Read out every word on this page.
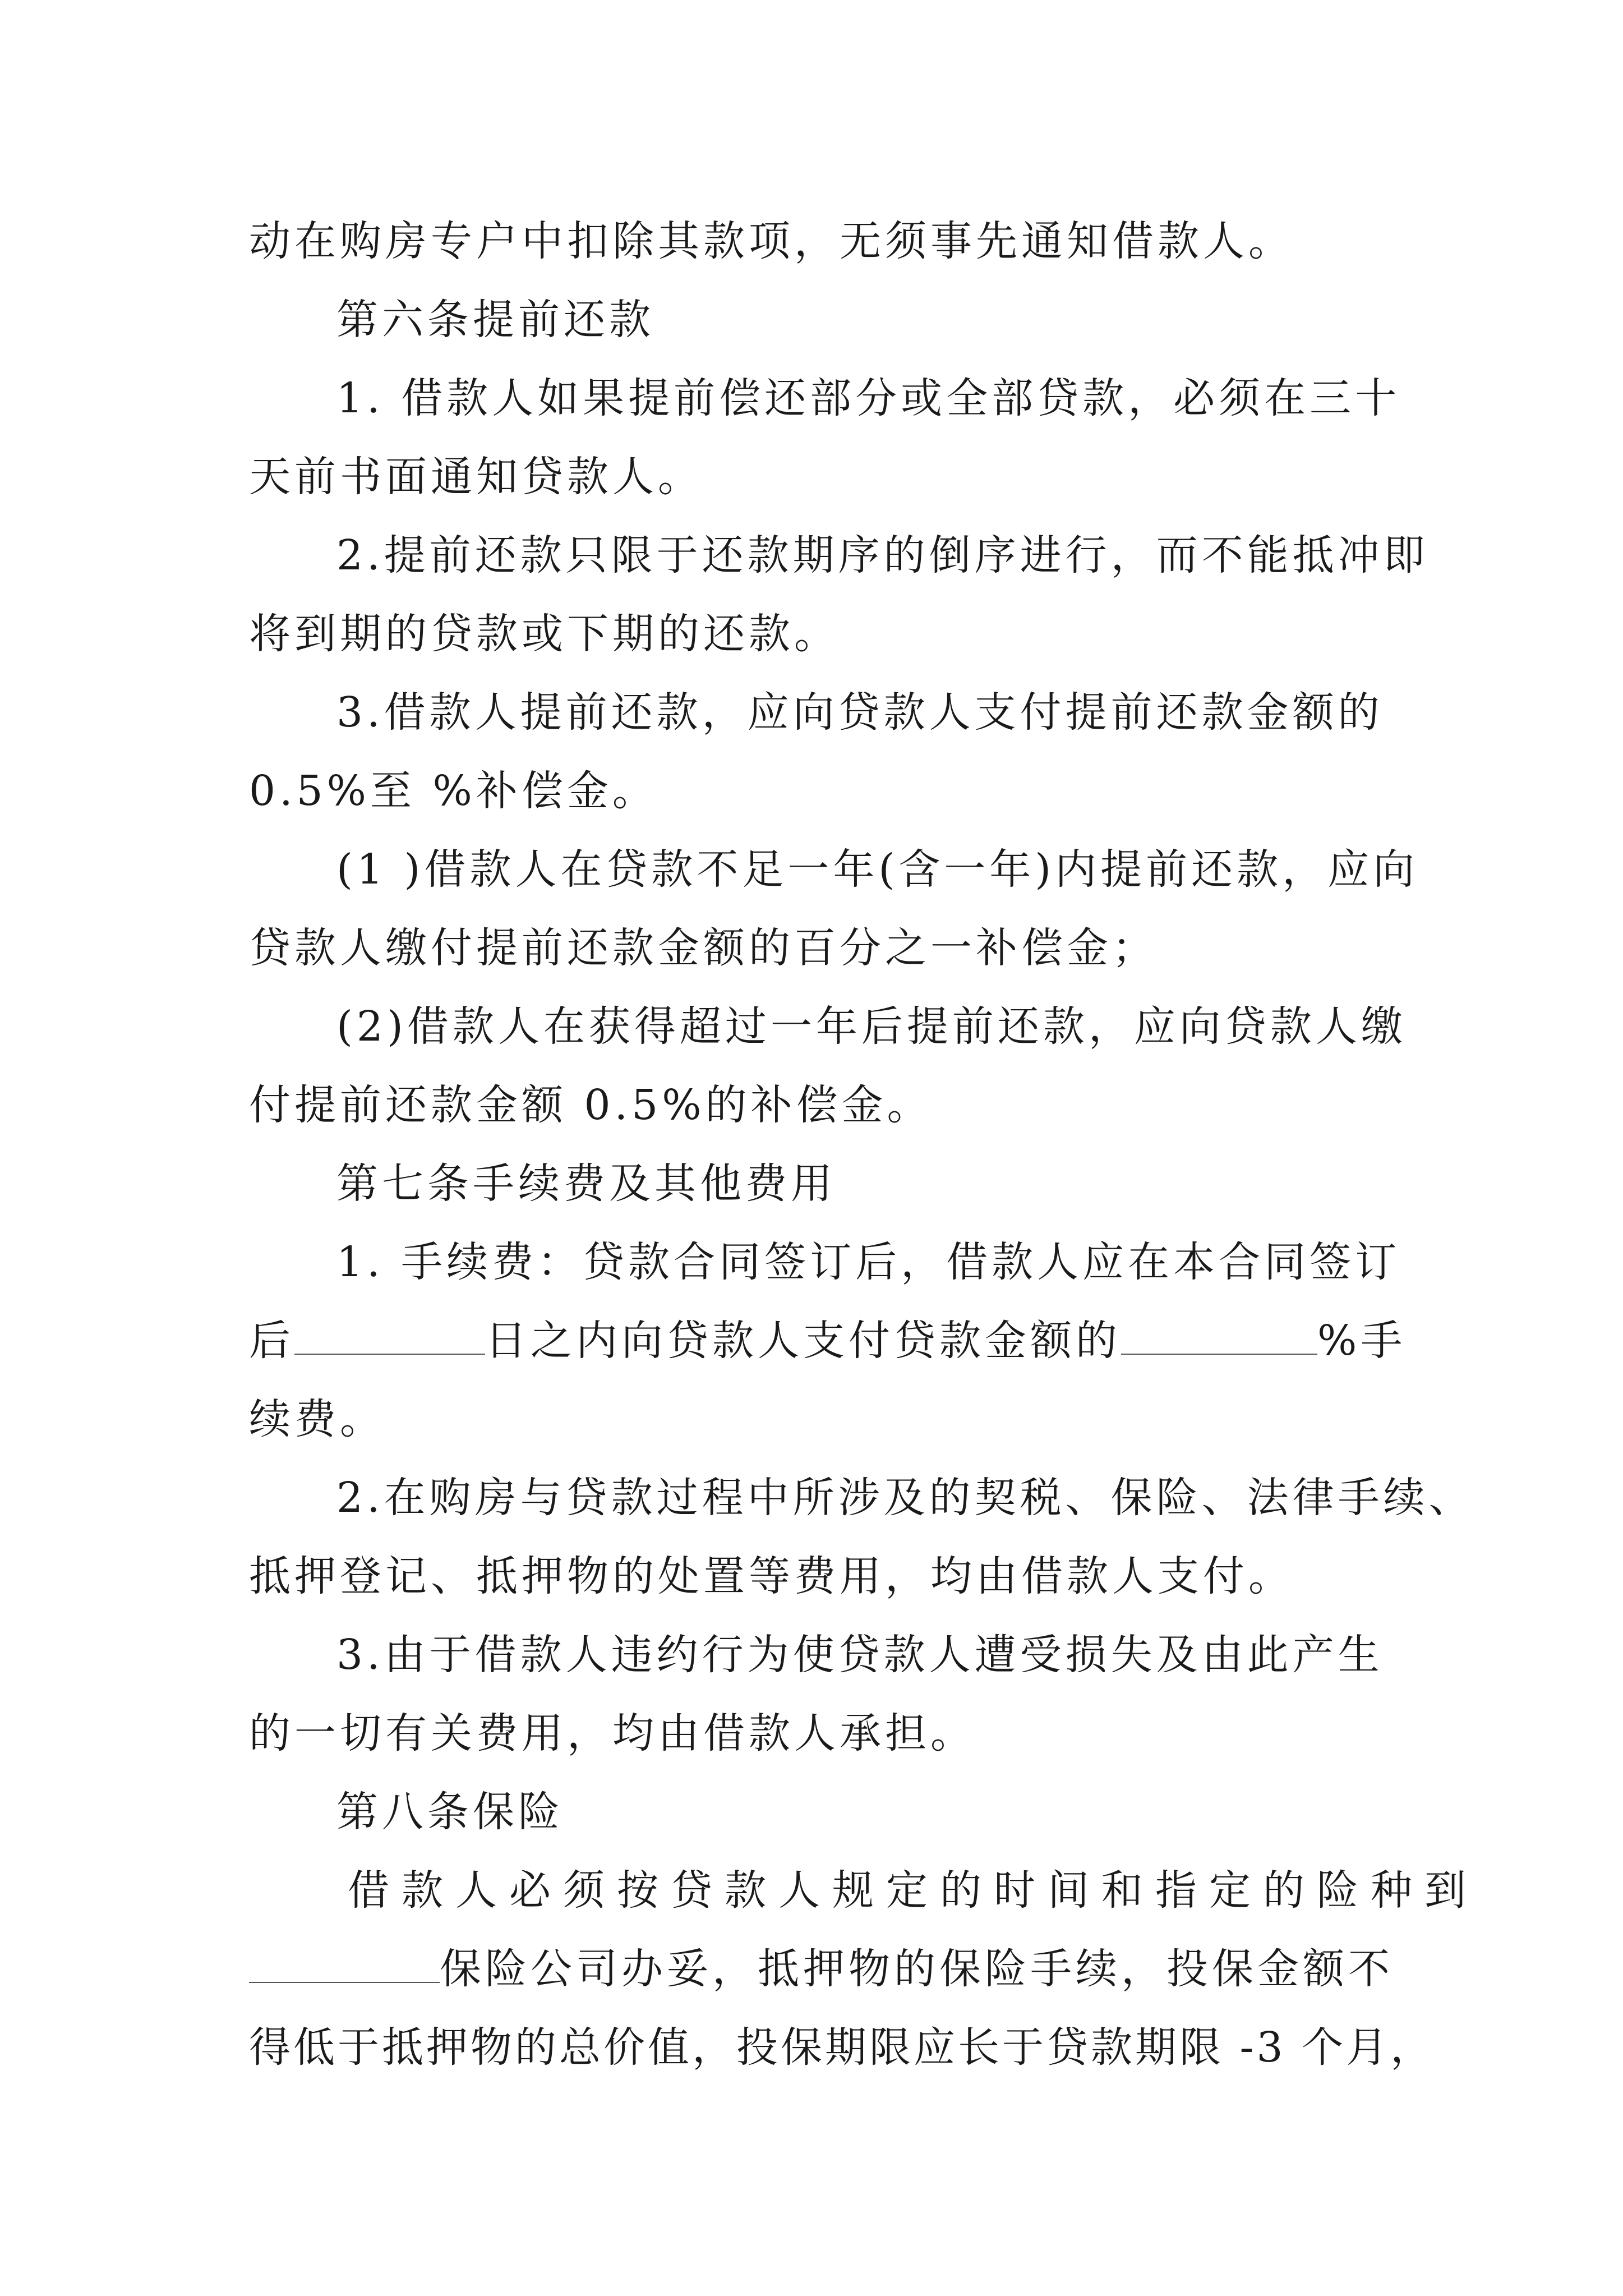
动在购房专户中扣除其款项，无须事先通知借款人。
第六条提前还款
1. 借款人如果提前偿还部分或全部贷款，必须在三十
天前书面通知贷款人。
2.提前还款只限于还款期序的倒序进行，而不能抵冲即
将到期的贷款或下期的还款。
3.借款人提前还款，应向贷款人支付提前还款金额的
0.5%至 %补偿金。
(1 )借款人在贷款不足一年(含一年)内提前还款，应向
贷款人缴付提前还款金额的百分之一补偿金；
(2)借款人在获得超过一年后提前还款，应向贷款人缴
付提前还款金额 0.5%的补偿金。
第七条手续费及其他费用
1. 手续费：贷款合同签订后，借款人应在本合同签订
后	日之内向贷款人支付贷款金额的	%手
续费。
2.在购房与贷款过程中所涉及的契税、保险、法律手续、
抵押登记、抵押物的处置等费用，均由借款人支付。
3.由于借款人违约行为使贷款人遭受损失及由此产生
的一切有关费用，均由借款人承担。
第八条保险
借款人必须按贷款人规定的时间和指定的险种到
保险公司办妥，抵押物的保险手续，投保金额不
得低于抵押物的总价值，投保期限应长于贷款期限 -3 个月，
